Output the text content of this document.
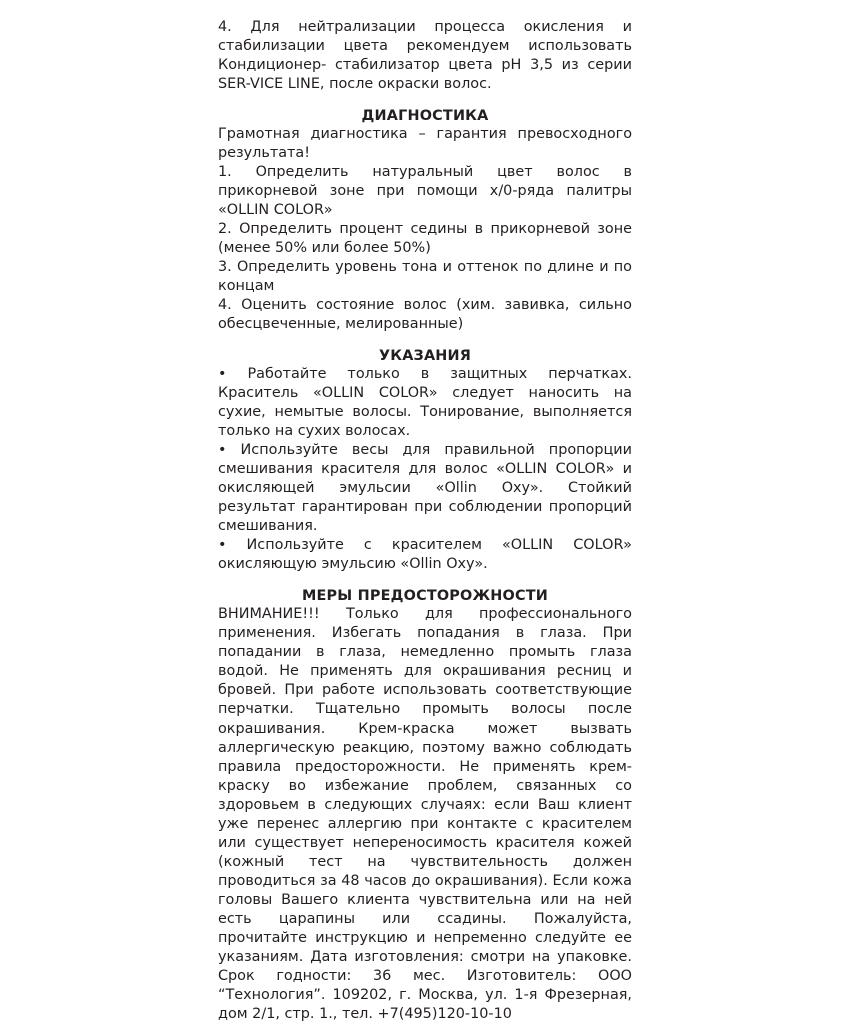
4. Для нейтрализации процесса окисления и стабилизации цвета рекомендуем использовать Кондиционер- стабилизатор цвета рН 3,5 из серии SER-VICE LINE, после окраски волос.

ДИАГНОСТИКА

Грамотная диагностика – гарантия превосходного результата!

1. Определить натуральный цвет волос в прикорневой зоне при помощи х/0-ряда палитры «OLLIN COLOR»

2. Определить процент седины в прикорневой зоне (менее 50% или более 50%)

3. Определить уровень тона и оттенок по длине и по концам

4. Оценить состояние волос (хим. завивка, сильно обесцвеченные, мелированные)

УКАЗАНИЯ

• Работайте только в защитных перчатках. Краситель «OLLIN COLOR» следует наносить на сухие, немытые волосы. Тонирование, выполняется только на сухих волосах.

• Используйте весы для правильной пропорции смешивания красителя для волос «OLLIN COLOR» и окисляющей эмульсии «Ollin Oxy». Стойкий результат гарантирован при соблюдении пропорций смешивания.

• Используйте с красителем «OLLIN COLOR» окисляющую эмульсию «Ollin Oxy».

МЕРЫ ПРЕДОСТОРОЖНОСТИ

ВНИМАНИЕ!!! Только для профессионального применения. Избегать попадания в глаза. При попадании в глаза, немедленно промыть глаза водой. Не применять для окрашивания ресниц и бровей. При работе использовать соответствующие перчатки. Тщательно промыть волосы после окрашивания. Крем-краска может вызвать аллергическую реакцию, поэтому важно соблюдать правила предосторожности. Не применять крем-краску во избежание проблем, связанных со здоровьем в следующих случаях: если Ваш клиент уже перенес аллергию при контакте с красителем или существует непереносимость красителя кожей (кожный тест на чувствительность должен проводиться за 48 часов до окрашивания). Если кожа головы Вашего клиента чувствительна или на ней есть царапины или ссадины. Пожалуйста, прочитайте инструкцию и непременно следуйте ее указаниям. Дата изготовления: смотри на упаковке. Срок годности: 36 мес. Изготовитель: ООО “Технология”. 109202, г. Москва, ул. 1-я Фрезерная, дом 2/1, стр. 1., тел. +7(495)120-10-10
